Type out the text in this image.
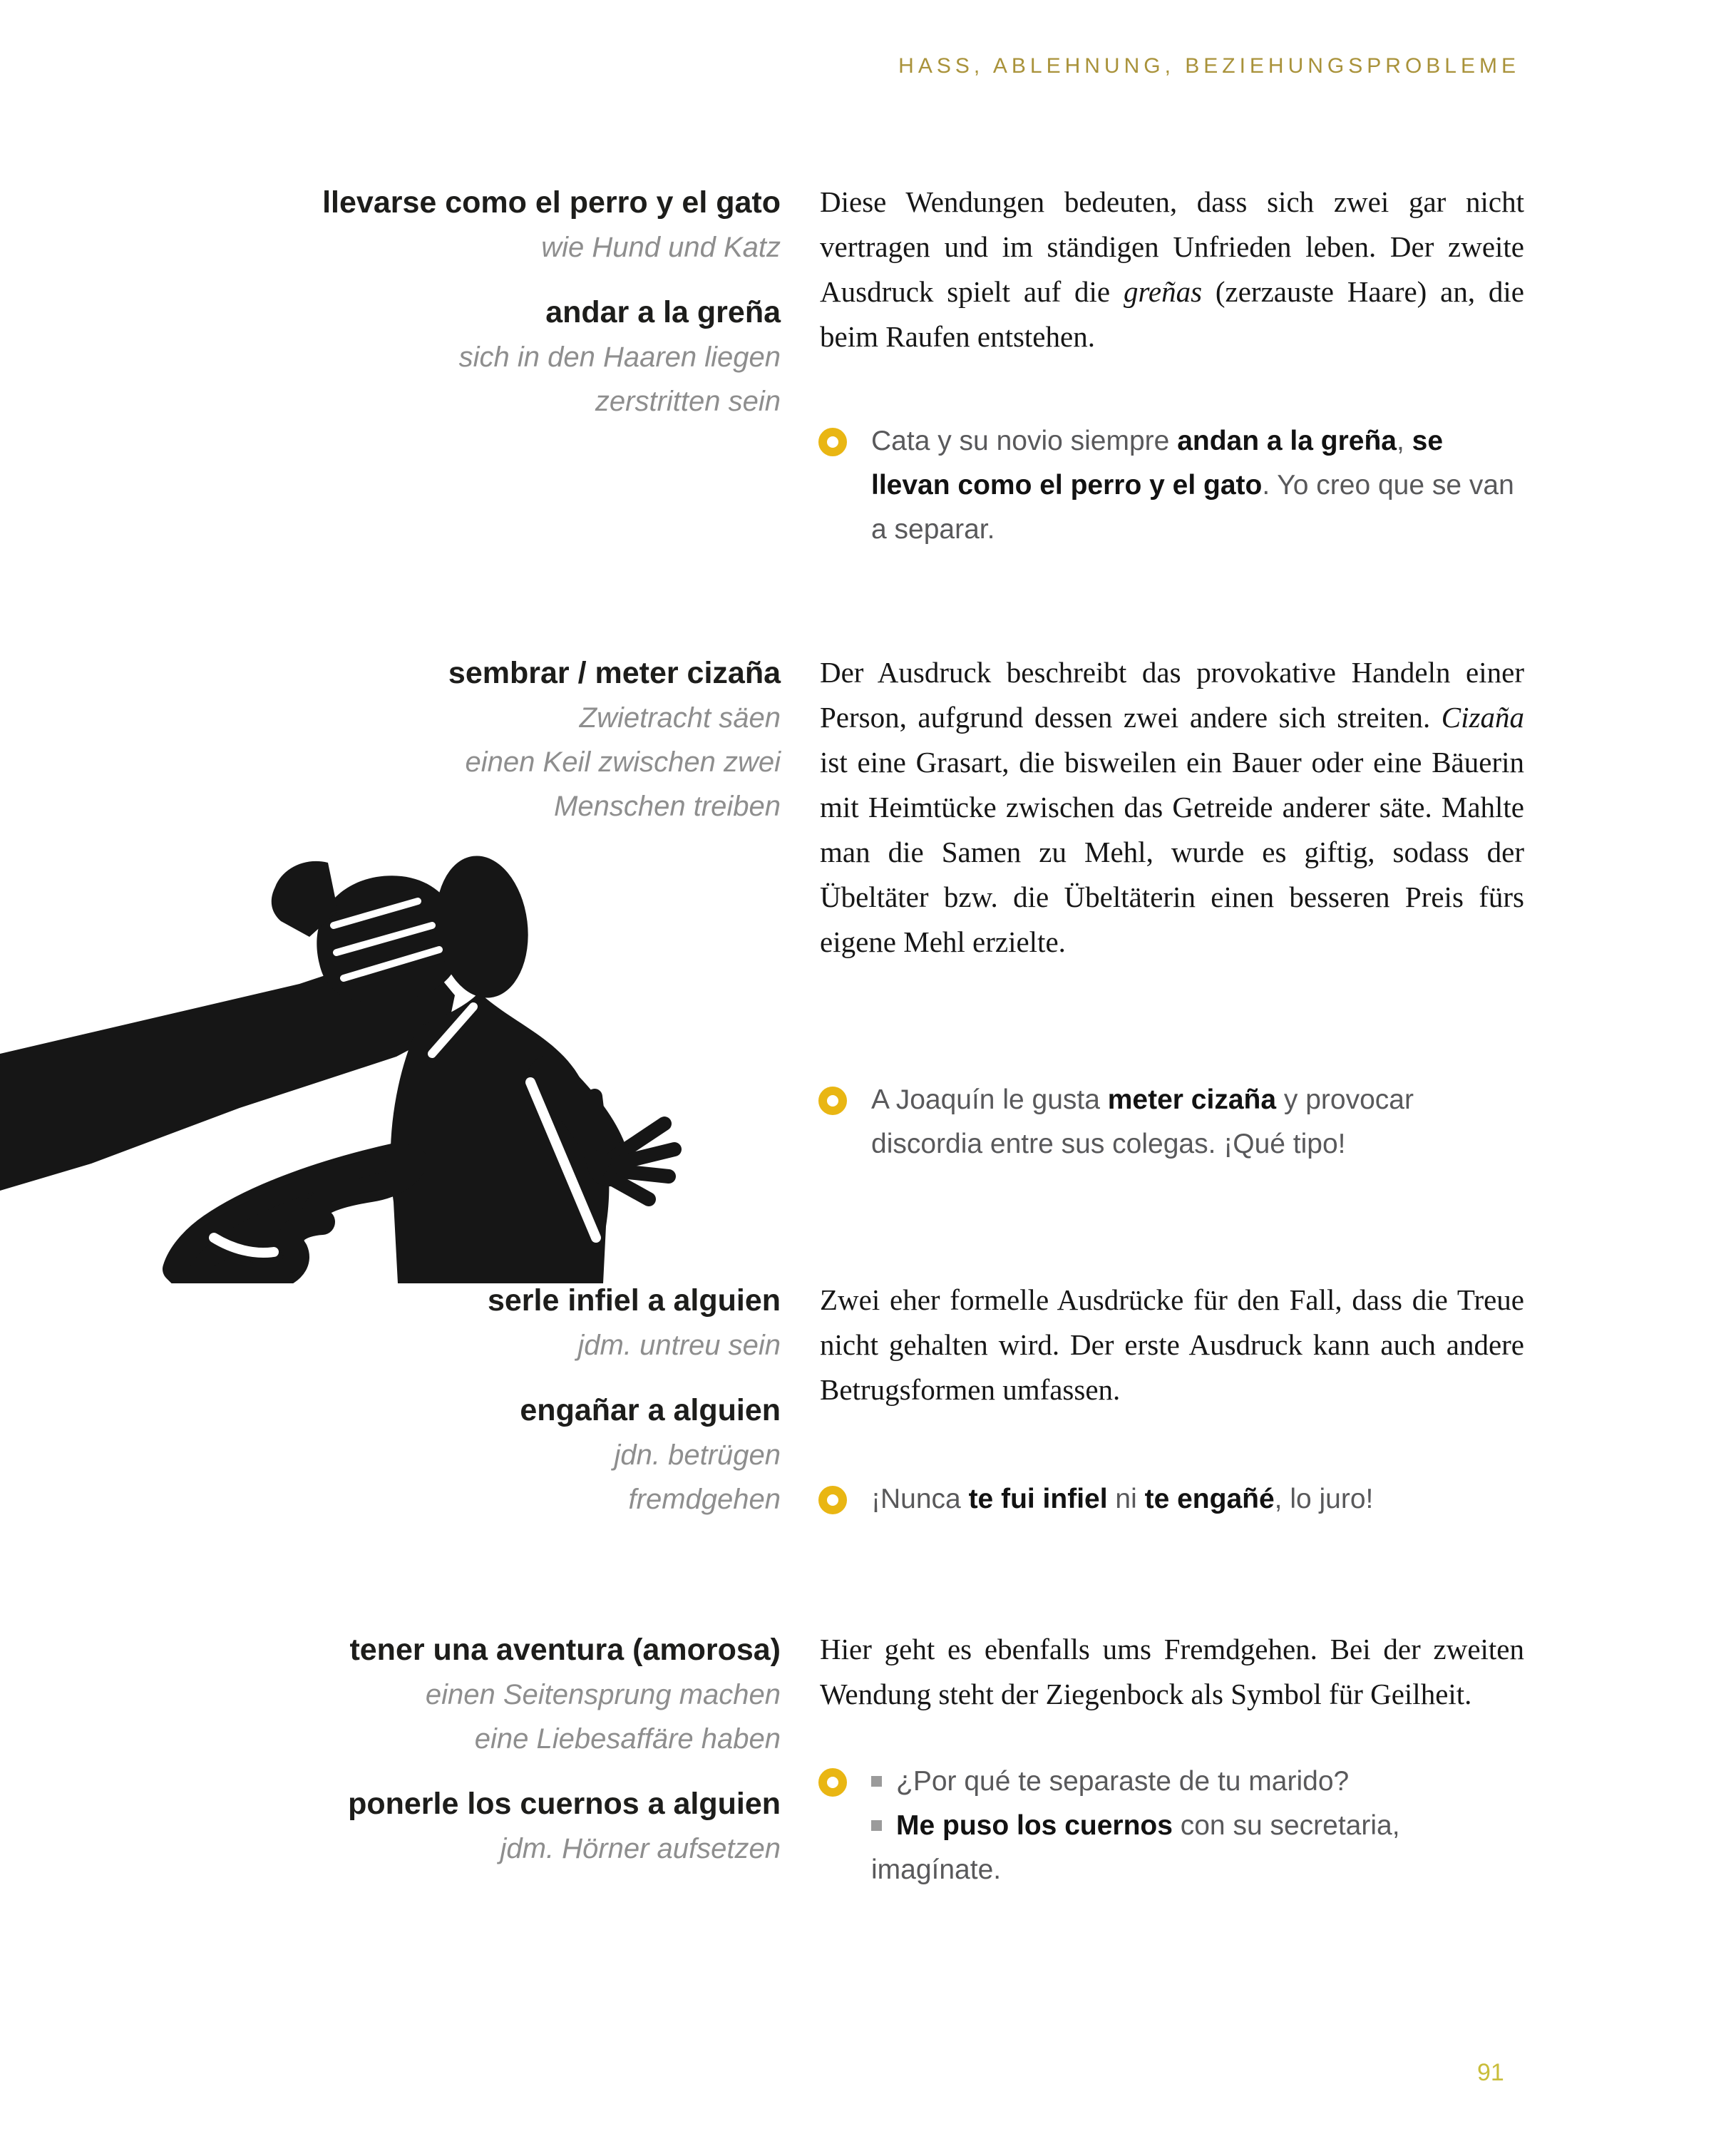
HASS, ABLEHNUNG, BEZIEHUNGSPROBLEME
llevarse como el perro y el gato
wie Hund und Katz
andar a la greña
sich in den Haaren liegen
zerstritten sein
Diese Wendungen bedeuten, dass sich zwei gar nicht vertragen und im ständigen Unfrieden leben. Der zweite Ausdruck spielt auf die greñas (zerzauste Haare) an, die beim Raufen entstehen.
Cata y su novio siempre andan a la greña, se llevan como el perro y el gato. Yo creo que se van a separar.
sembrar / meter cizaña
Zwietracht säen
einen Keil zwischen zwei
Menschen treiben
Der Ausdruck beschreibt das provokative Handeln einer Person, aufgrund dessen zwei andere sich streiten. Cizaña ist eine Grasart, die bisweilen ein Bauer oder eine Bäuerin mit Heimtücke zwischen das Getreide anderer säte. Mahlte man die Samen zu Mehl, wurde es giftig, sodass der Übeltäter bzw. die Übeltäterin einen besseren Preis fürs eigene Mehl erzielte.
A Joaquín le gusta meter cizaña y provocar discordia entre sus colegas. ¡Qué tipo!
serle infiel a alguien
jdm. untreu sein
engañar a alguien
jdn. betrügen
fremdgehen
Zwei eher formelle Ausdrücke für den Fall, dass die Treue nicht gehalten wird. Der erste Ausdruck kann auch andere Betrugsformen umfassen.
¡Nunca te fui infiel ni te engañé, lo juro!
tener una aventura (amorosa)
einen Seitensprung machen
eine Liebesaffäre haben
ponerle los cuernos a alguien
jdm. Hörner aufsetzen
Hier geht es ebenfalls ums Fremdgehen. Bei der zweiten Wendung steht der Ziegenbock als Symbol für Geilheit.
¿Por qué te separaste de tu marido?
Me puso los cuernos con su secretaria, imagínate.
91
